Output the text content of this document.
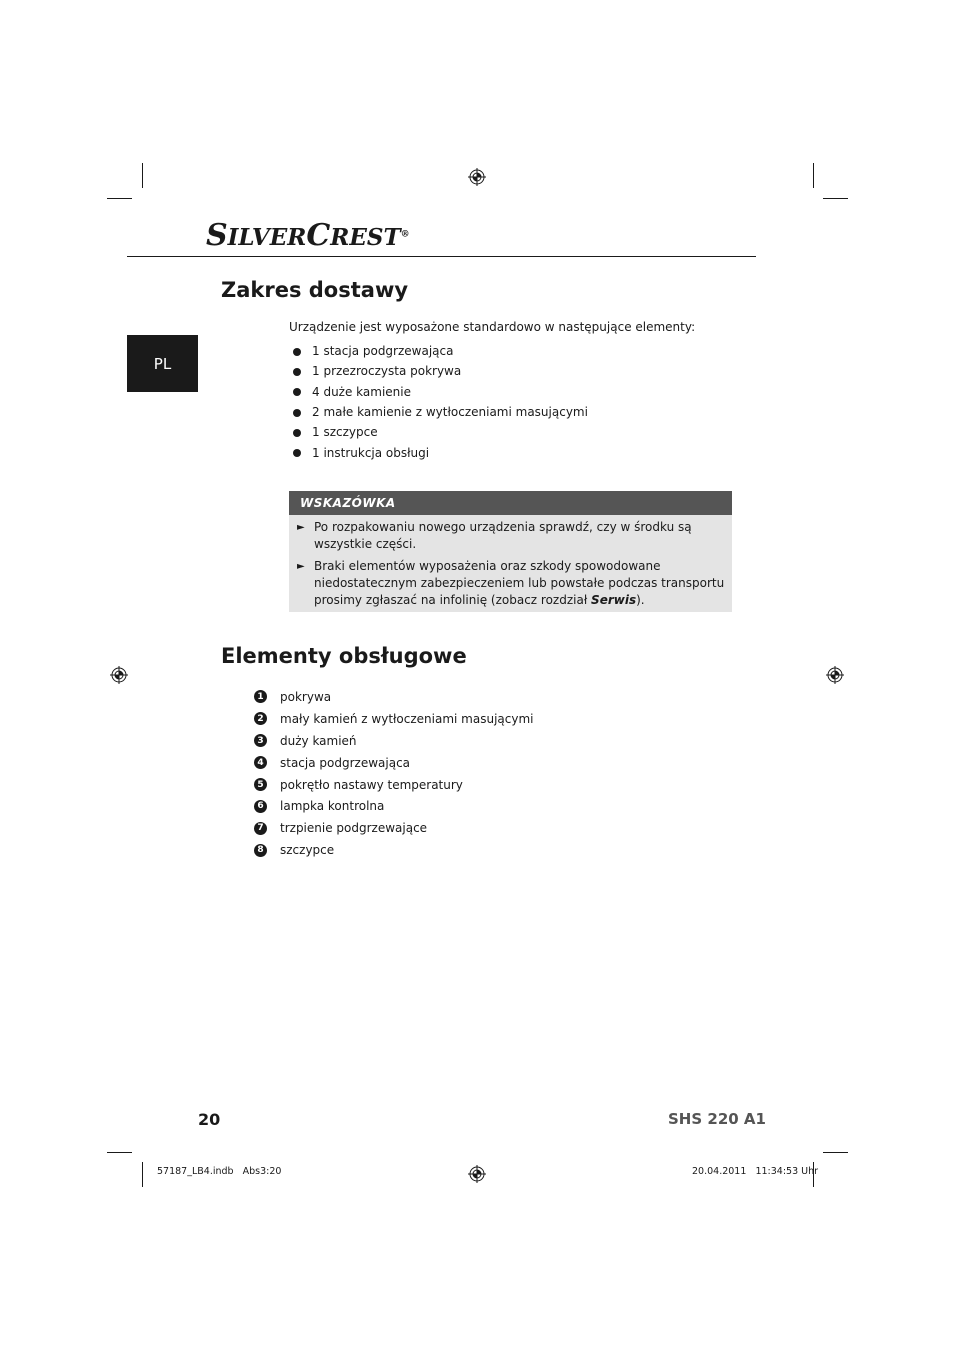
SILVERCREST®
PL
Zakres dostawy
Urządzenie jest wyposażone standardowo w następujące elementy:
1 stacja podgrzewająca
1 przezroczysta pokrywa
4 duże kamienie
2 małe kamienie z wytłoczeniami masującymi
1 szczypce
1 instrukcja obsługi
WSKAZÓWKA
► Po rozpakowaniu nowego urządzenia sprawdź, czy w środku są wszystkie części.
► Braki elementów wyposażenia oraz szkody spowodowane niedostatecznym zabezpieczeniem lub powstałe podczas transportu prosimy zgłaszać na infolinię (zobacz rozdział Serwis).
Elementy obsługowe
1 pokrywa
2 mały kamień z wytłoczeniami masującymi
3 duży kamień
4 stacja podgrzewająca
5 pokrętło nastawy temperatury
6 lampka kontrolna
7 trzpienie podgrzewające
8 szczypce
20	SHS 220 A1
57187_LB4.indb   Abs3:20	20.04.2011   11:34:53 Uhr
